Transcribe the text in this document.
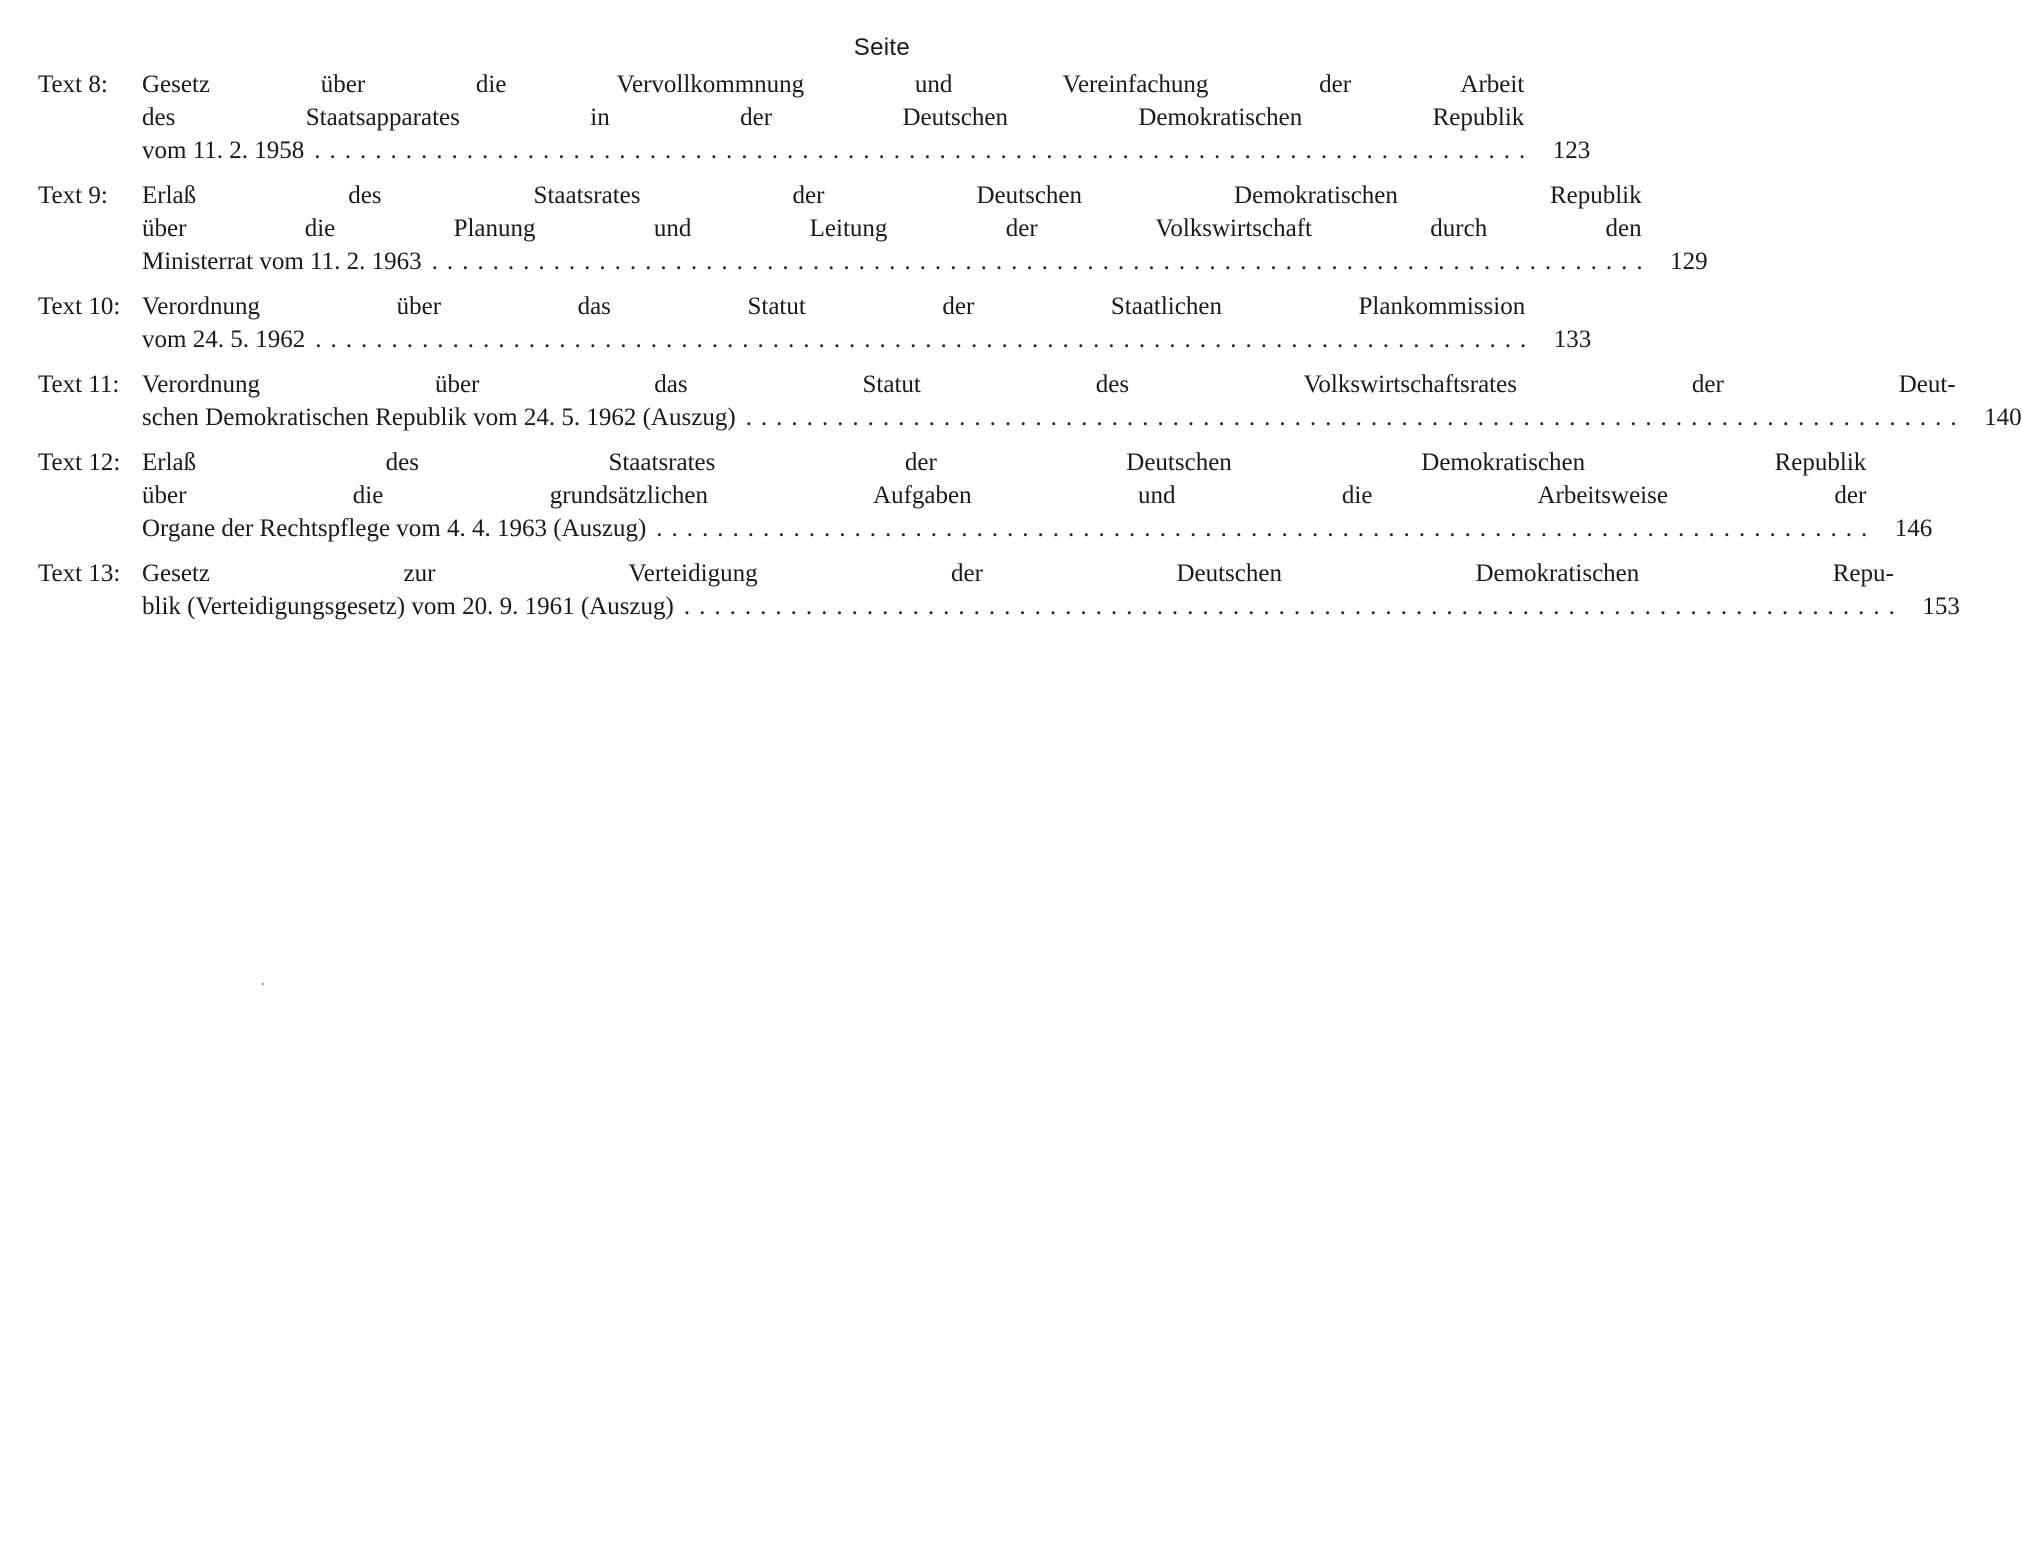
Seite
Text 8:	Gesetz über die Vervollkommnung und Vereinfachung der Arbeit
des Staatsapparates in der Deutschen Demokratischen Republik
vom 11. 2. 1958 ................................................................................ 123
Text 9:	Erlaß des Staatsrates der Deutschen Demokratischen Republik
über die Planung und Leitung der Volkswirtschaft durch den
Ministerrat vom 11. 2. 1963 ................................................................................ 129
Text 10: Verordnung über das Statut der Staatlichen Plankommission
vom 24. 5. 1962 ................................................................................ 133
Text 11: Verordnung über das Statut des Volkswirtschaftsrates der Deut-
schen Demokratischen Republik vom 24. 5. 1962 (Auszug) ................................................................................ 140
Text 12: Erlaß des Staatsrates der Deutschen Demokratischen Republik
über die grundsätzlichen Aufgaben und die Arbeitsweise der
Organe der Rechtspflege vom 4. 4. 1963 (Auszug) ................................................................................ 146
Text 13: Gesetz zur Verteidigung der Deutschen Demokratischen Repu-
blik (Verteidigungsgesetz) vom 20. 9. 1961 (Auszug) ................................................................................ 153
